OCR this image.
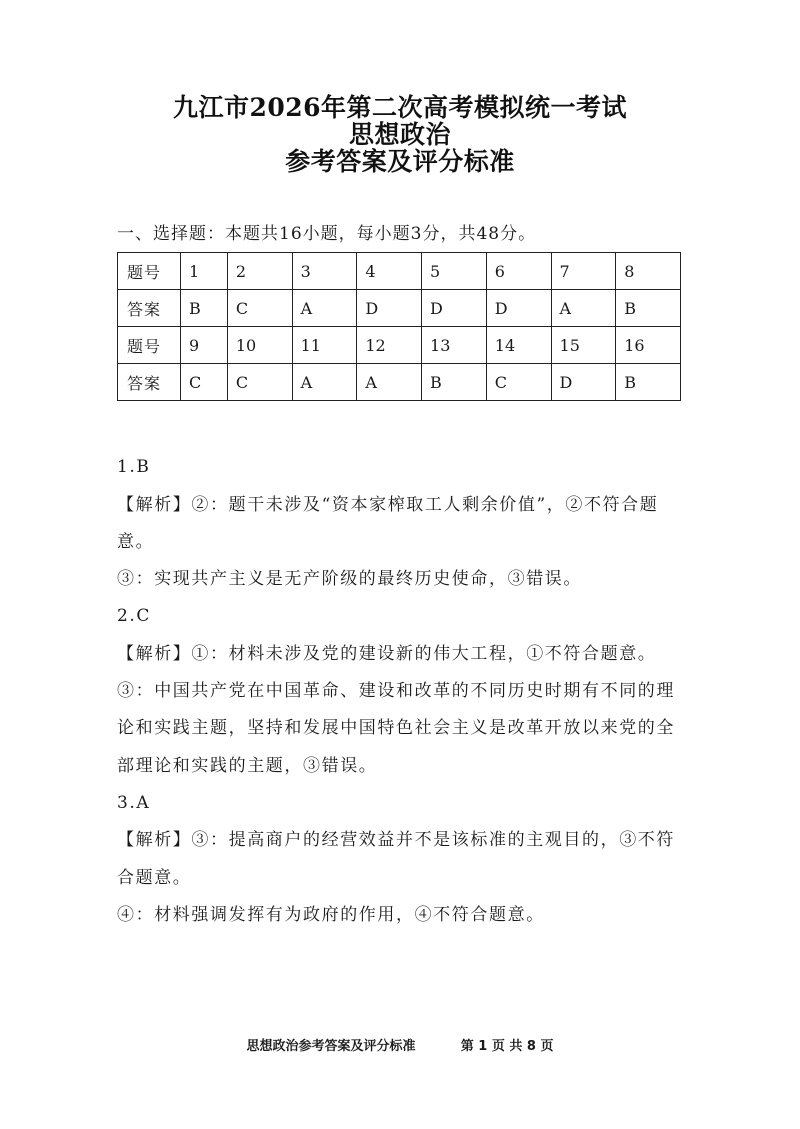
九江市2026年第二次高考模拟统一考试
思想政治
参考答案及评分标准
一、选择题：本题共16小题，每小题3分，共48分。
题号	1	2	3	4	5	6	7	8
答案	B	C	A	D	D	D	A	B
题号	9	10	11	12	13	14	15	16
答案	C	C	A	A	B	C	D	B
1.B
【解析】②：题干未涉及“资本家榨取工人剩余价值”，②不符合题
意。
③：实现共产主义是无产阶级的最终历史使命，③错误。
2.C
【解析】①：材料未涉及党的建设新的伟大工程，①不符合题意。
③：中国共产党在中国革命、建设和改革的不同历史时期有不同的理
论和实践主题，坚持和发展中国特色社会主义是改革开放以来党的全
部理论和实践的主题，③错误。
3.A
【解析】③：提高商户的经营效益并不是该标准的主观目的，③不符
合题意。
④：材料强调发挥有为政府的作用，④不符合题意。
思想政治参考答案及评分标准	第 1 页 共 8 页
